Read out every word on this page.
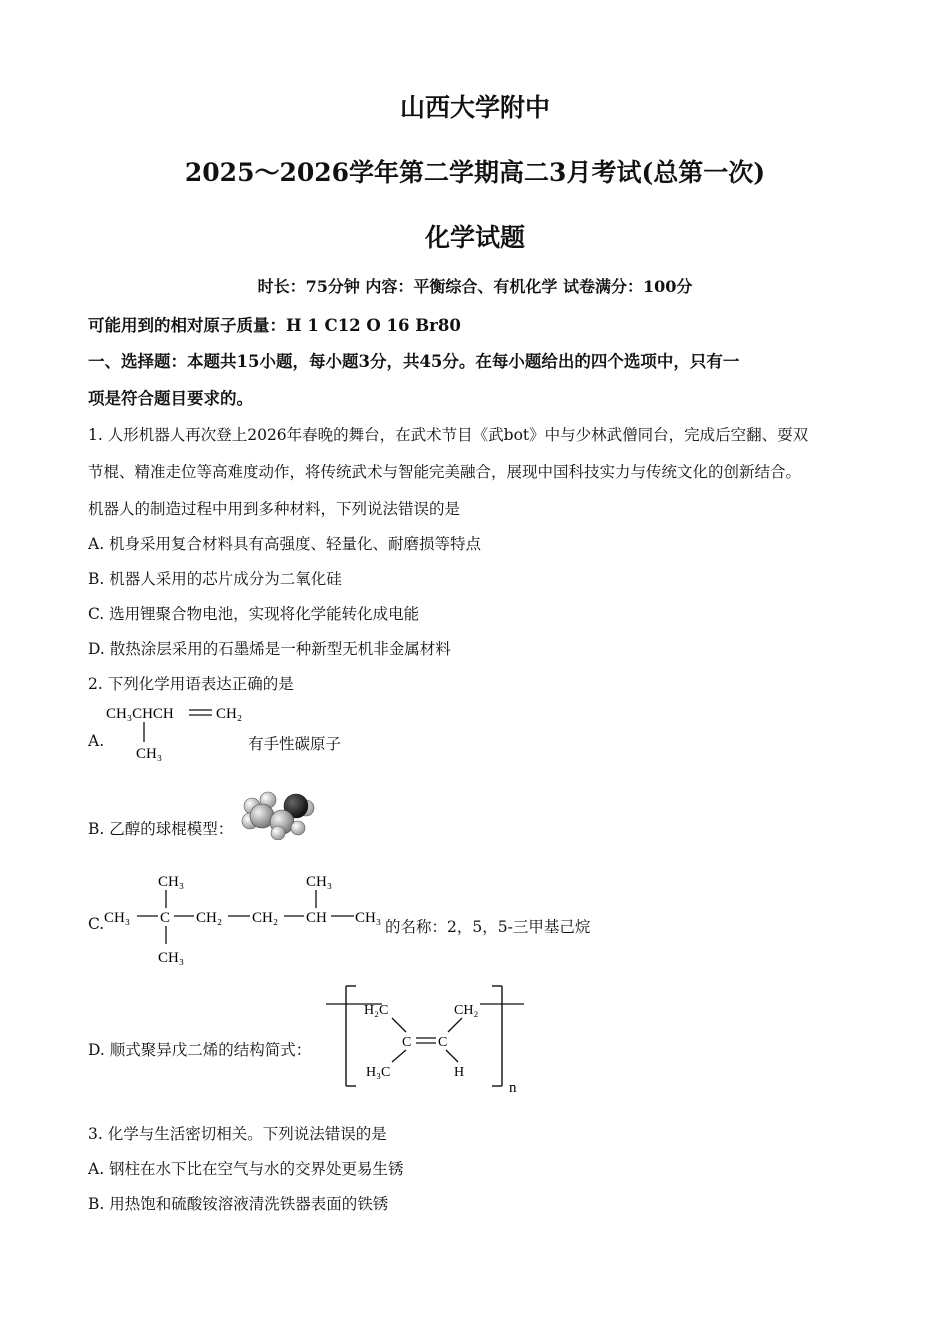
山西大学附中
2025～2026学年第二学期高二3月考试(总第一次)
化学试题
时长：75分钟 内容：平衡综合、有机化学 试卷满分：100分
可能用到的相对原子质量：H 1 C12 O 16 Br80
一、选择题：本题共15小题，每小题3分，共45分。在每小题给出的四个选项中，只有一
项是符合题目要求的。
1. 人形机器人再次登上2026年春晚的舞台，在武术节目《武bot》中与少林武僧同台，完成后空翻、耍双
节棍、精准走位等高难度动作，将传统武术与智能完美融合，展现中国科技实力与传统文化的创新结合。
机器人的制造过程中用到多种材料，下列说法错误的是
A. 机身采用复合材料具有高强度、轻量化、耐磨损等特点
B. 机器人采用的芯片成分为二氧化硅
C. 选用锂聚合物电池，实现将化学能转化成电能
D. 散热涂层采用的石墨烯是一种新型无机非金属材料
2. 下列化学用语表达正确的是
A.
CH₃CHCH	CH₂
CH₃
有手性碳原子
B. 乙醇的球棍模型：
C.
CH₃
CH₃ C CH₂ CH₂ CH CH₃
CH₃
CH₃
的名称：2，5，5-三甲基己烷
D. 顺式聚异戊二烯的结构简式：
H₂C	CH₂
C C
H₃C	H
n
3. 化学与生活密切相关。下列说法错误的是
A. 钢柱在水下比在空气与水的交界处更易生锈
B. 用热饱和硫酸铵溶液清洗铁器表面的铁锈
